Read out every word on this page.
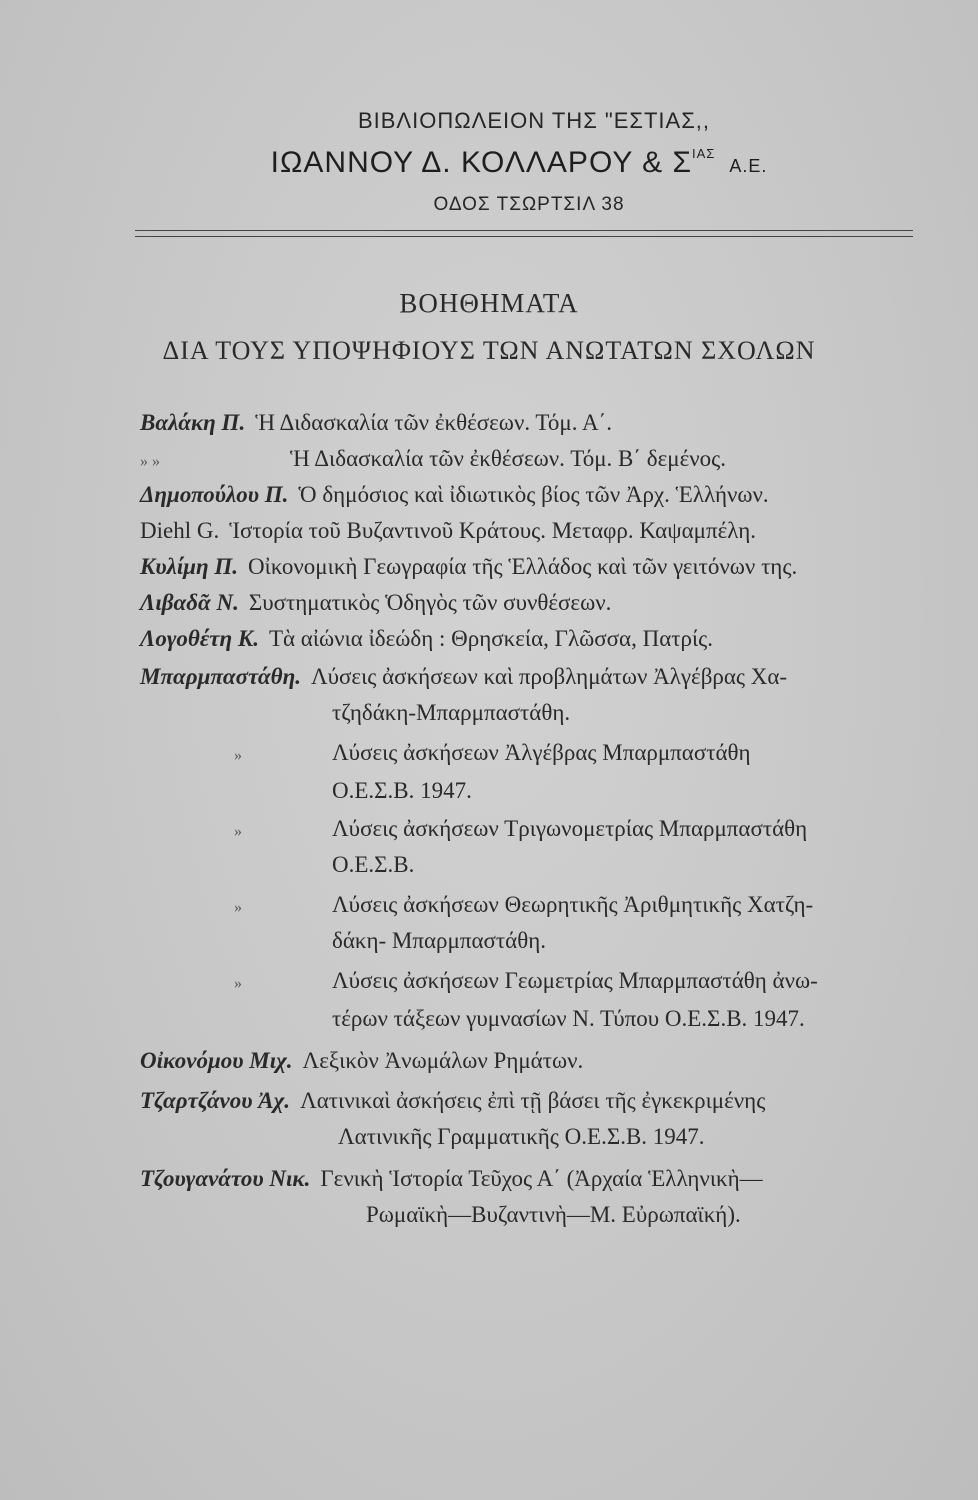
ΒΙΒΛΙΟΠΩΛΕΙΟΝ ΤΗΣ "ΕΣΤΙΑΣ,,
ΙΩΑΝΝΟΥ Δ. ΚΟΛΛΑΡΟΥ & $\Sigma^{IA\Sigma}A.E$.
ΟΔΟΣ ΤΣΩΡΤΣΙΛ 38
ΒΟΗΘΗΜΑΤΑ
ΔΙΑ ΤΟΥΣ ΥΠΟΨΗΦΙΟΥΣ ΤΩΝ ΑΝΩΤΑΤΩΝ ΣΧΟΛΩΝ
Βαλάκη Π. Ἡ Διδασκαλία τῶν ἐκθέσεων. Τόμ. Α΄.
» »	Ἡ Διδασκαλία τῶν ἐκθέσεων. Τόμ. Β΄ δεμένος.
Δημοπούλου Π. Ὁ δημόσιος καὶ ἰδιωτικὸς βίος τῶν Ἀρχ. Ἑλλήνων.
Diehl G. Ἱστορία τοῦ Βυζαντινοῦ Κράτους. Μεταφρ. Καψαμπέλη.
Κυλίμη Π. Οἰκονομικὴ Γεωγραφία τῆς Ἑλλάδος καὶ τῶν γειτόνων της.
Λιβαδᾶ Ν. Συστηματικὸς Ὁδηγὸς τῶν συνθέσεων.
Λογοθέτη Κ. Τὰ αἰώνια ἰδεώδη : Θρησκεία, Γλῶσσα, Πατρίς.
Μπαρμπαστάθη. Λύσεις ἀσκήσεων καὶ προβλημάτων Ἀλγέβρας Χα-
τζηδάκη-Μπαρμπαστάθη.
»	Λύσεις ἀσκήσεων Ἀλγέβρας Μπαρμπαστάθη
Ο.Ε.Σ.Β. 1947.
»	Λύσεις ἀσκήσεων Τριγωνομετρίας Μπαρμπαστάθη
Ο.Ε.Σ.Β.
»	Λύσεις ἀσκήσεων Θεωρητικῆς Ἀριθμητικῆς Χατζη-
δάκη- Μπαρμπαστάθη.
»	Λύσεις ἀσκήσεων Γεωμετρίας Μπαρμπαστάθη ἀνω-
τέρων τάξεων γυμνασίων Ν. Τύπου Ο.Ε.Σ.Β. 1947.
Οἰκονόμου Μιχ. Λεξικὸν Ἀνωμάλων Ρημάτων.
Τζαρτζάνου Ἀχ. Λατινικαὶ ἀσκήσεις ἐπὶ τῇ βάσει τῆς ἐγκεκριμένης
Λατινικῆς Γραμματικῆς Ο.Ε.Σ.Β. 1947.
Τζουγανάτου Νικ. Γενικὴ Ἱστορία Τεῦχος Α΄ (Ἀρχαία Ἑλληνικὴ—
Ρωμαϊκὴ—Βυζαντινὴ—Μ. Εὐρωπαϊκή).
